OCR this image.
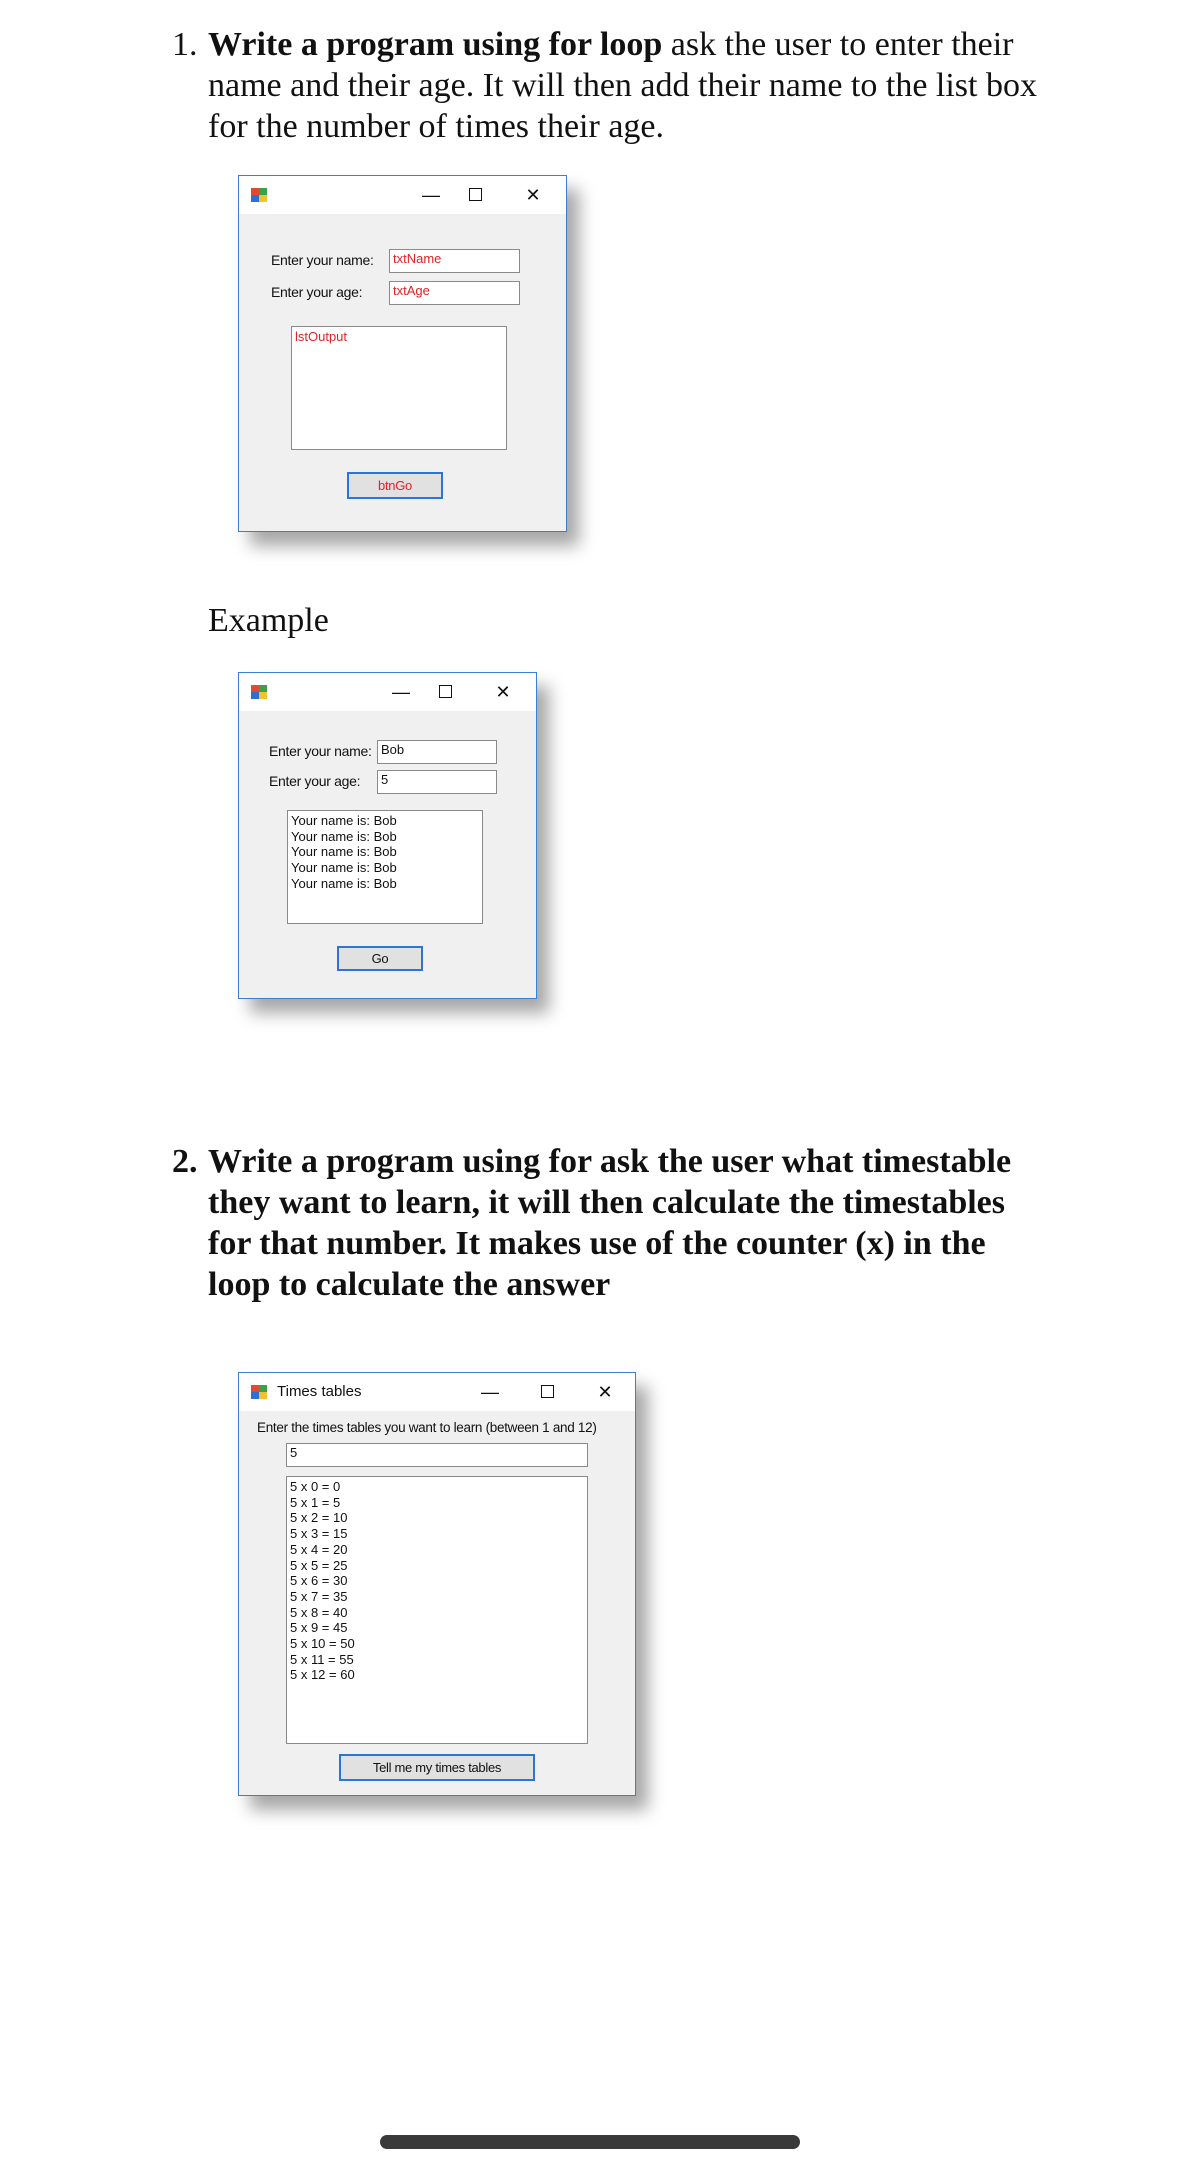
1. Write a program using for loop ask the user to enter their name and their age. It will then add their name to the list box for the number of times their age.
—	✕
Enter your name:	txtName
Enter your age:	txtAge
lstOutput
btnGo
Example
—	✕
Enter your name: Bob
Enter your age:	5
Your name is: Bob
Your name is: Bob
Your name is: Bob
Your name is: Bob
Your name is: Bob
Go
2. Write a program using for ask the user what timestable they want to learn, it will then calculate the timestables for that number. It makes use of the counter (x) in the loop to calculate the answer
Times tables	—	✕
Enter the times tables you want to learn (between 1 and 12)
5
5 x 0 = 0
5 x 1 = 5
5 x 2 = 10
5 x 3 = 15
5 x 4 = 20
5 x 5 = 25
5 x 6 = 30
5 x 7 = 35
5 x 8 = 40
5 x 9 = 45
5 x 10 = 50
5 x 11 = 55
5 x 12 = 60
Tell me my times tables
